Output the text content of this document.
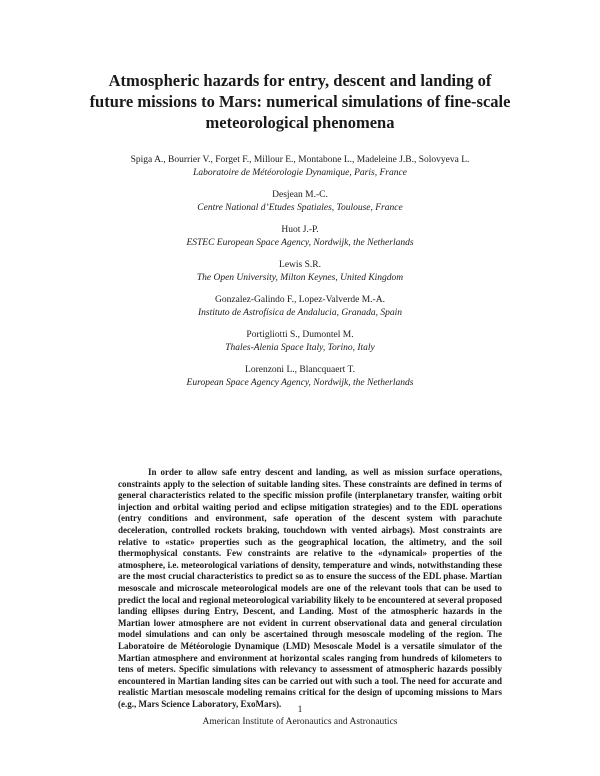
Atmospheric hazards for entry, descent and landing of
future missions to Mars: numerical simulations of fine-scale
meteorological phenomena
Spiga A., Bourrier V., Forget F., Millour E., Montabone L., Madeleine J.B., Solovyeva L.
Laboratoire de Météorologie Dynamique, Paris, France
Desjean M.-C.
Centre National d’Etudes Spatiales, Toulouse, France
Huot J.-P.
ESTEC European Space Agency, Nordwijk, the Netherlands
Lewis S.R.
The Open University, Milton Keynes, United Kingdom
Gonzalez-Galindo F., Lopez-Valverde M.-A.
Instituto de Astrofísica de Andalucia, Granada, Spain
Portigliotti S., Dumontel M.
Thales-Alenia Space Italy, Torino, Italy
Lorenzoni L., Blancquaert T.
European Space Agency Agency, Nordwijk, the Netherlands
In order to allow safe entry descent and landing, as well as mission surface operations, constraints apply to the selection of suitable landing sites. These constraints are defined in terms of general characteristics related to the specific mission profile (interplanetary transfer, waiting orbit injection and orbital waiting period and eclipse mitigation strategies) and to the EDL operations (entry conditions and environment, safe operation of the descent system with parachute deceleration, controlled rockets braking, touchdown with vented airbags). Most constraints are relative to «static» properties such as the geographical location, the altimetry, and the soil thermophysical constants. Few constraints are relative to the «dynamical» properties of the atmosphere, i.e. meteorological variations of density, temperature and winds, notwithstanding these are the most crucial characteristics to predict so as to ensure the success of the EDL phase. Martian mesoscale and microscale meteorological models are one of the relevant tools that can be used to predict the local and regional meteorological variability likely to be encountered at several proposed landing ellipses during Entry, Descent, and Landing. Most of the atmospheric hazards in the Martian lower atmosphere are not evident in current observational data and general circulation model simulations and can only be ascertained through mesoscale modeling of the region. The Laboratoire de Météorologie Dynamique (LMD) Mesoscale Model is a versatile simulator of the Martian atmosphere and environment at horizontal scales ranging from hundreds of kilometers to tens of meters. Specific simulations with relevancy to assessment of atmospheric hazards possibly encountered in Martian landing sites can be carried out with such a tool. The need for accurate and realistic Martian mesoscale modeling remains critical for the design of upcoming missions to Mars (e.g., Mars Science Laboratory, ExoMars).
1
American Institute of Aeronautics and Astronautics
